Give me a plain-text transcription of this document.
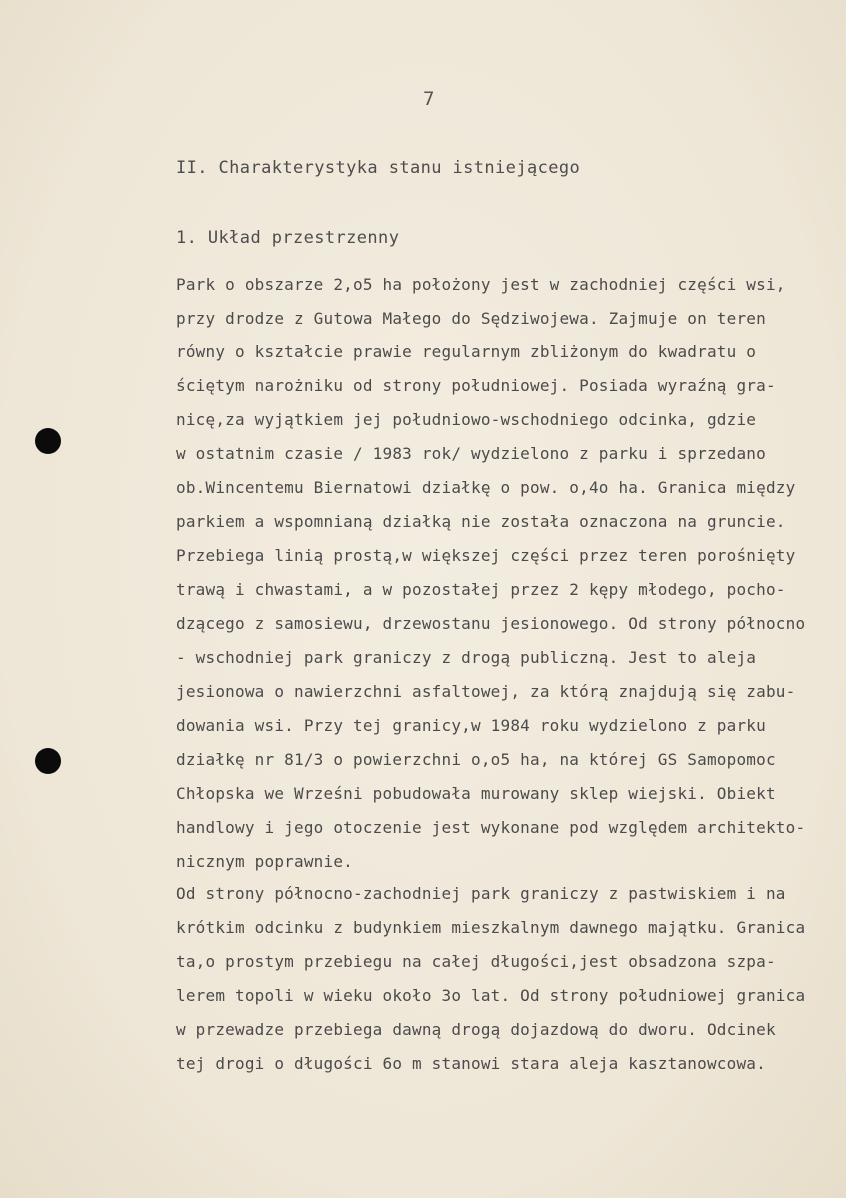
7
II. Charakterystyka stanu istniejącego
1. Układ przestrzenny
Park o obszarze 2,o5 ha położony jest w zachodniej części wsi,
przy drodze z Gutowa Małego do Sędziwojewa. Zajmuje on teren
równy o kształcie prawie regularnym zbliżonym do kwadratu o
ściętym narożniku od strony południowej. Posiada wyraźną gra-
nicę,za wyjątkiem jej południowo-wschodniego odcinka, gdzie
w ostatnim czasie / 1983 rok/ wydzielono z parku i sprzedano
ob.Wincentemu Biernatowi działkę o pow. o,4o ha. Granica między
parkiem a wspomnianą działką nie została oznaczona na gruncie.
Przebiega linią prostą,w większej części przez teren porośnięty
trawą i chwastami, a w pozostałej przez 2 kępy młodego, pocho-
dzącego z samosiewu, drzewostanu jesionowego. Od strony północno
- wschodniej park graniczy z drogą publiczną. Jest to aleja
jesionowa o nawierzchni asfaltowej, za którą znajdują się zabu-
dowania wsi. Przy tej granicy,w 1984 roku wydzielono z parku
działkę nr 81/3 o powierzchni o,o5 ha, na której GS Samopomoc
Chłopska we Wrześni pobudowała murowany sklep wiejski. Obiekt
handlowy i jego otoczenie jest wykonane pod względem architekto-
nicznym poprawnie.
Od strony północno-zachodniej park graniczy z pastwiskiem i na
krótkim odcinku z budynkiem mieszkalnym dawnego majątku. Granica
ta,o prostym przebiegu na całej długości,jest obsadzona szpa-
lerem topoli w wieku około 3o lat. Od strony południowej granica
w przewadze przebiega dawną drogą dojazdową do dworu. Odcinek
tej drogi o długości 6o m stanowi stara aleja kasztanowcowa.
